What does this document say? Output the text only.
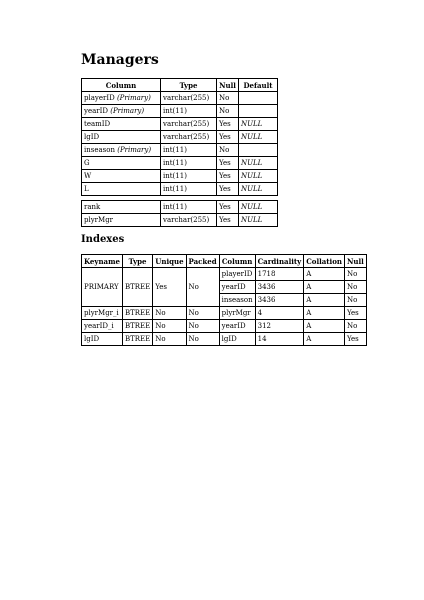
Managers
Column	Type	Null	Default
playerID (Primary)	varchar(255)	No	
yearID (Primary)	int(11)	No	
teamID	varchar(255)	Yes	NULL
lgID	varchar(255)	Yes	NULL
inseason (Primary)	int(11)	No	
G	int(11)	Yes	NULL
W	int(11)	Yes	NULL
L	int(11)	Yes	NULL
rank	int(11)	Yes	NULL
plyrMgr	varchar(255)	Yes	NULL
Indexes
Keyname	Type	Unique	Packed	Column	Cardinality	Collation	Null
PRIMARY	BTREE	Yes	No	playerID	1718	A	No
				yearID	3436	A	No
				inseason	3436	A	No
plyrMgr_i	BTREE	No	No	plyrMgr	4	A	Yes
yearID_i	BTREE	No	No	yearID	312	A	No
lgID	BTREE	No	No	lgID	14	A	Yes
